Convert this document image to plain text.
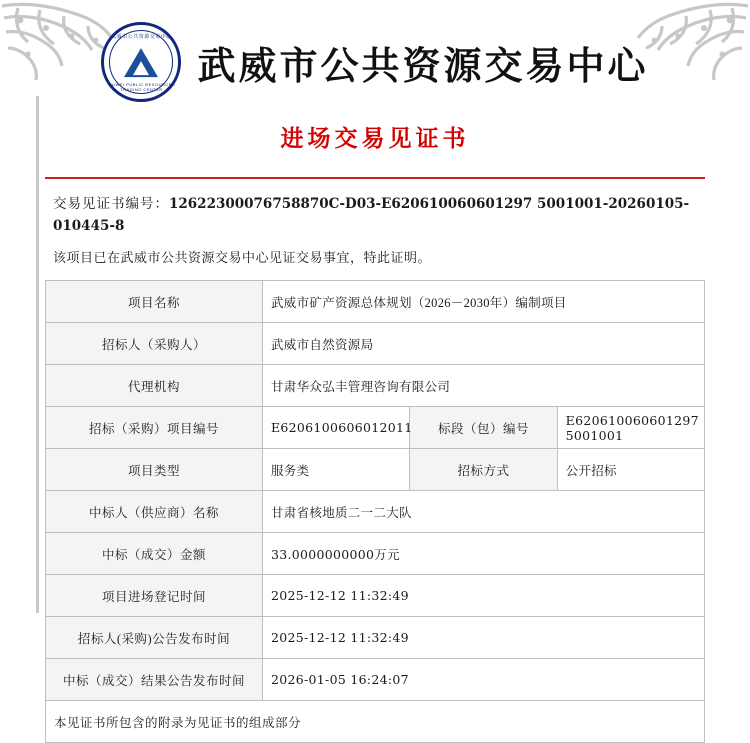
武威市公共资源交易中心
WUWEI PUBLIC RESOURCES TRADING CENTER
武威市公共资源交易中心
进场交易见证书
交易见证书编号：12622300076758870C-D03-E620610060601297 5001001-20260105-010445-8
该项目已在武威市公共资源交易中心见证交易事宜，特此证明。
项目名称	武威市矿产资源总体规划（2026－2030年）编制项目		
招标人（采购人）	武威市自然资源局		
代理机构	甘肃华众弘丰管理咨询有限公司		
招标（采购）项目编号	E6206100606012011	标段（包）编号	E620610060601297 5001001
项目类型	服务类	招标方式	公开招标
中标人（供应商）名称	甘肃省核地质二一二大队		
中标（成交）金额	33.0000000000万元		
项目进场登记时间	2025-12-12 11:32:49		
招标人(采购)公告发布时间	2025-12-12 11:32:49		
中标（成交）结果公告发布时间	2026-01-05 16:24:07		
本见证书所包含的附录为见证书的组成部分			
